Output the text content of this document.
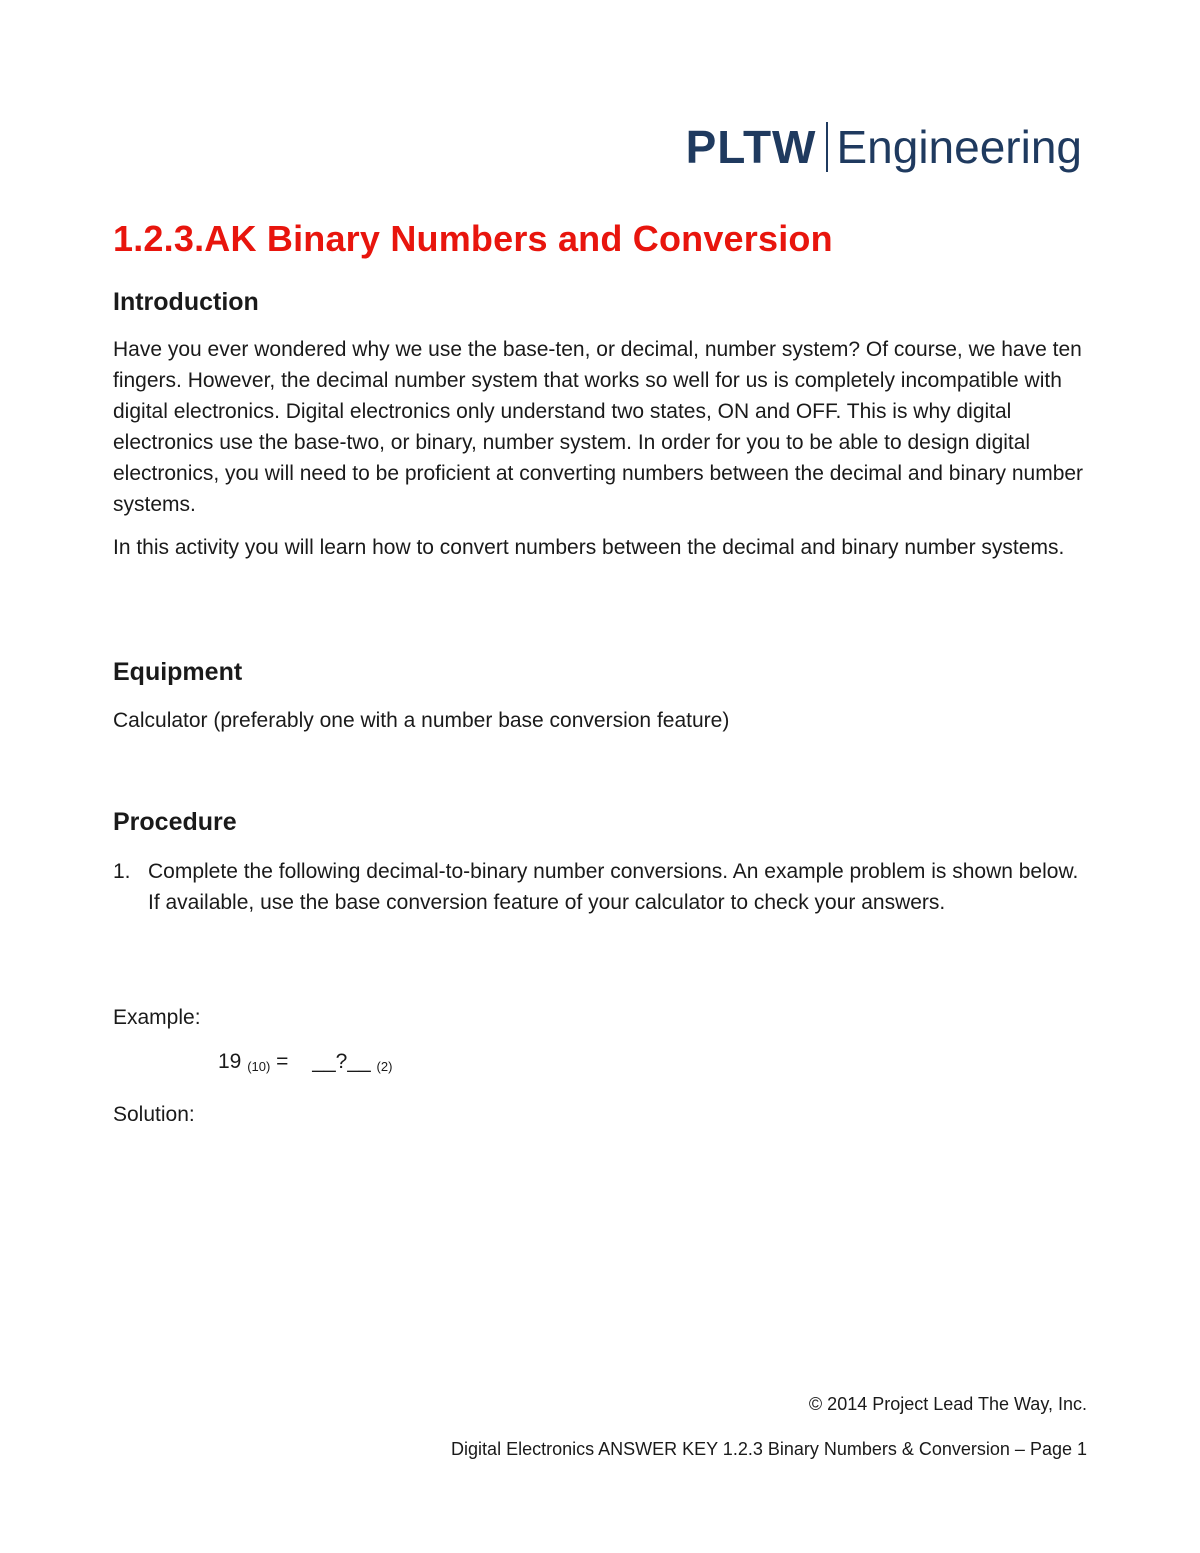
PLTW Engineering
1.2.3.AK Binary Numbers and Conversion
Introduction

Have you ever wondered why we use the base-ten, or decimal, number system? Of course, we have ten fingers. However, the decimal number system that works so well for us is completely incompatible with digital electronics. Digital electronics only understand two states, ON and OFF. This is why digital electronics use the base-two, or binary, number system. In order for you to be able to design digital electronics, you will need to be proficient at converting numbers between the decimal and binary number systems.

In this activity you will learn how to convert numbers between the decimal and binary number systems.

Equipment

Calculator (preferably one with a number base conversion feature)

Procedure
1. Complete the following decimal-to-binary number conversions. An example problem is shown below. If available, use the base conversion feature of your calculator to check your answers.
Example:
19 $_{(10)}$ = __?__ $_{(2)}$
Solution:
© 2014 Project Lead The Way, Inc.
Digital Electronics ANSWER KEY 1.2.3 Binary Numbers & Conversion – Page 1
